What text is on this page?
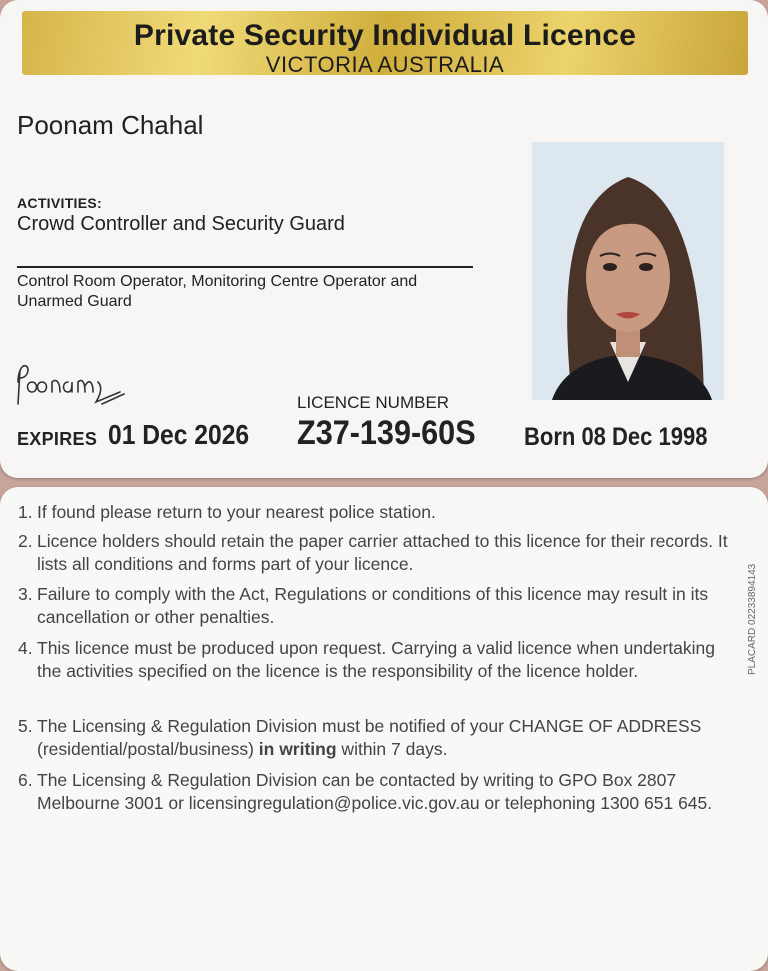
Private Security Individual Licence
VICTORIA AUSTRALIA
Poonam Chahal
ACTIVITIES:
Crowd Controller and Security Guard
Control Room Operator, Monitoring Centre Operator and Unarmed Guard
EXPIRES 01 Dec 2026
LICENCE NUMBER
Z37-139-60S Born 08 Dec 1998
1. If found please return to your nearest police station.
2. Licence holders should retain the paper carrier attached to this licence for their records. It lists all conditions and forms part of your licence.
3. Failure to comply with the Act, Regulations or conditions of this licence may result in its cancellation or other penalties.
4. This licence must be produced upon request. Carrying a valid licence when undertaking the activities specified on the licence is the responsibility of the licence holder.
5. The Licensing & Regulation Division must be notified of your CHANGE OF ADDRESS (residential/postal/business) in writing within 7 days.
6. The Licensing & Regulation Division can be contacted by writing to GPO Box 2807 Melbourne 3001 or licensingregulation@police.vic.gov.au or telephoning 1300 651 645.
PLACARD 02233894143
